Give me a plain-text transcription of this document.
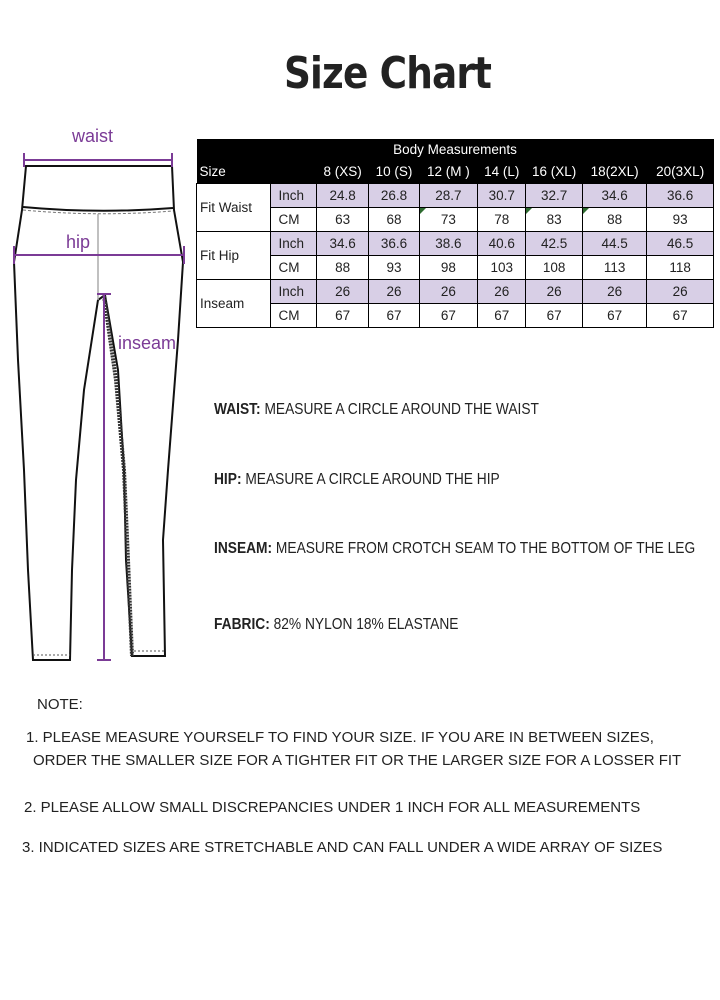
Size Chart
waist
hip
inseam
Body Measurements								
Size		8 (XS)	10 (S)	12 (M )	14 (L)	16 (XL)	18(2XL)	20(3XL)
Fit Waist	Inch	24.8	26.8	28.7	30.7	32.7	34.6	36.6
	CM	63	68	73	78	83	88	93
Fit Hip	Inch	34.6	36.6	38.6	40.6	42.5	44.5	46.5
	CM	88	93	98	103	108	113	118
Inseam	Inch	26	26	26	26	26	26	26
	CM	67	67	67	67	67	67	67
WAIST: MEASURE A CIRCLE AROUND THE WAIST
HIP: MEASURE A CIRCLE AROUND THE HIP
INSEAM: MEASURE FROM CROTCH SEAM TO THE BOTTOM OF THE LEG
FABRIC: 82% NYLON 18% ELASTANE
NOTE:
1. PLEASE MEASURE YOURSELF TO FIND YOUR SIZE. IF YOU ARE IN BETWEEN SIZES,
ORDER THE SMALLER SIZE FOR A TIGHTER FIT OR THE LARGER SIZE FOR A LOSSER FIT
2. PLEASE ALLOW SMALL DISCREPANCIES UNDER 1 INCH FOR ALL MEASUREMENTS
3. INDICATED SIZES ARE STRETCHABLE AND CAN FALL UNDER A WIDE ARRAY OF SIZES
